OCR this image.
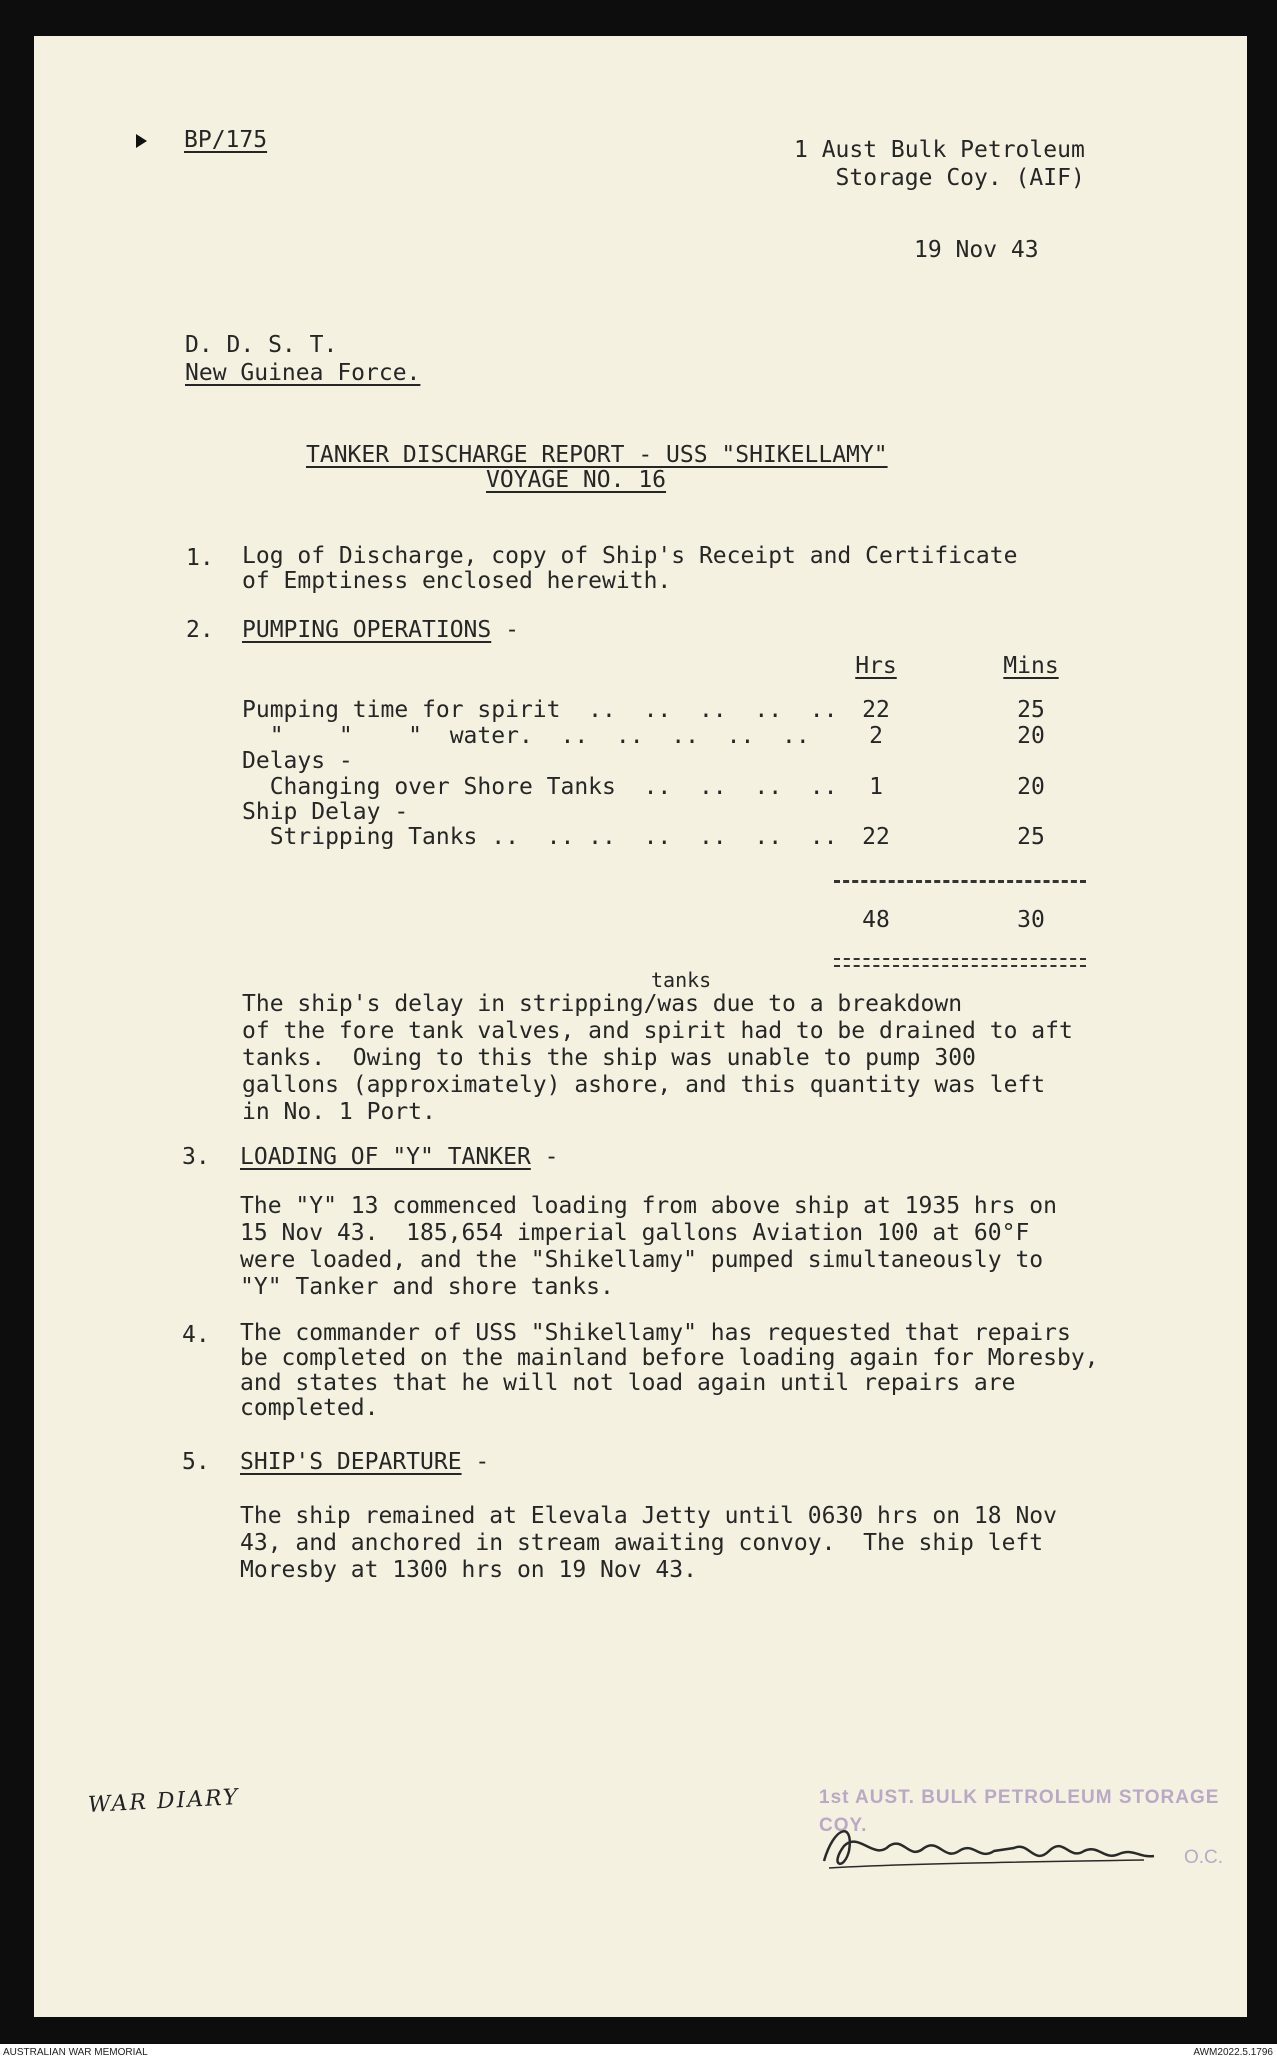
BP/175	1 Aust Bulk Petroleum
Storage Coy. (AIF)
19 Nov 43
D. D. S. T.
New Guinea Force.
TANKER DISCHARGE REPORT - USS "SHIKELLAMY"
VOYAGE NO. 16
1. Log of Discharge, copy of Ship's Receipt and Certificate
of Emptiness enclosed herewith.
2. PUMPING OPERATIONS -
Hrs	Mins
Pumping time for spirit  ..  ..  ..  ..  ..	22	25
"    "    "  water.  ..  ..  ..  ..  ..	2	20
Delays -
Changing over Shore Tanks  ..  ..  ..  ..	1	20
Ship Delay -
Stripping Tanks ..  .. ..  ..  ..  ..  ..	22	25
48	30
tanks
The ship's delay in stripping/was due to a breakdown
of the fore tank valves, and spirit had to be drained to aft
tanks.  Owing to this the ship was unable to pump 300
gallons (approximately) ashore, and this quantity was left
in No. 1 Port.
3. LOADING OF "Y" TANKER -
The "Y" 13 commenced loading from above ship at 1935 hrs on
15 Nov 43.  185,654 imperial gallons Aviation 100 at 60°F
were loaded, and the "Shikellamy" pumped simultaneously to
"Y" Tanker and shore tanks.
4. The commander of USS "Shikellamy" has requested that repairs
be completed on the mainland before loading again for Moresby,
and states that he will not load again until repairs are
completed.
5. SHIP'S DEPARTURE -
The ship remained at Elevala Jetty until 0630 hrs on 18 Nov
43, and anchored in stream awaiting convoy.  The ship left
Moresby at 1300 hrs on 19 Nov 43.
WAR DIARY	1st AUST. BULK PETROLEUM STORAGE COY.
O.C.
AUSTRALIAN WAR MEMORIAL	AWM2022.5.1796
